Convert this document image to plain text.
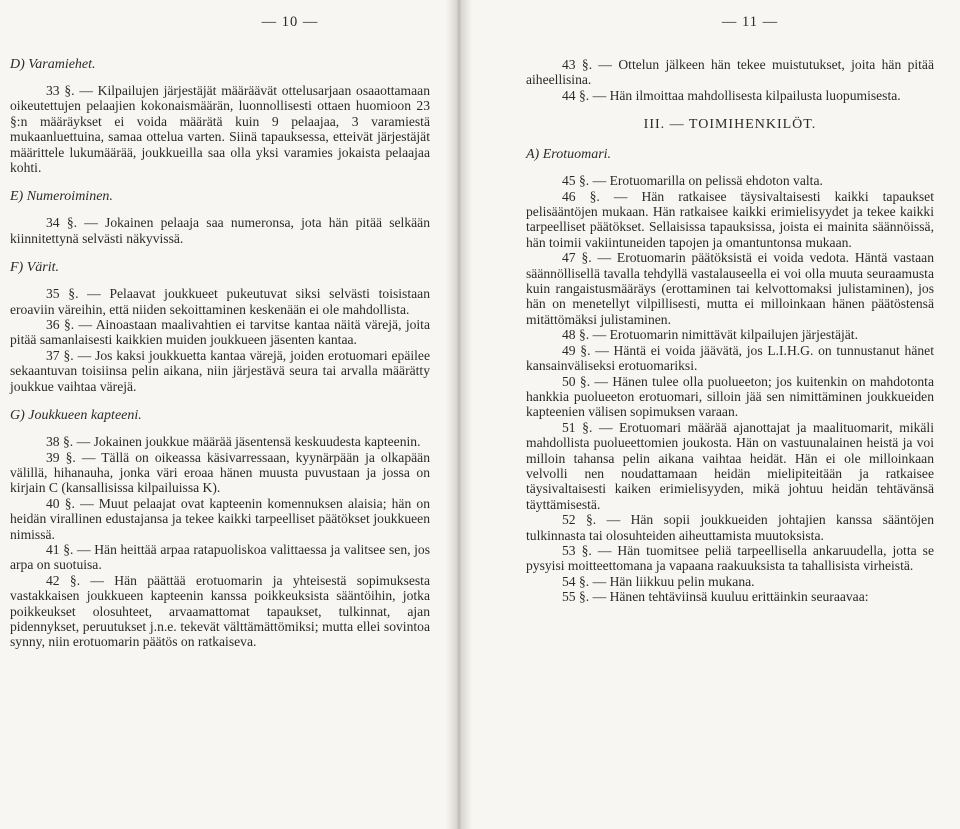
— 10 —
D) Varamiehet.

33 §. — Kilpailujen järjestäjät määräävät ottelusarjaan osaaottamaan oikeutettujen pelaajien kokonaismäärän, luonnollisesti ottaen huomioon 23 §:n määräykset ei voida määrätä kuin 9 pelaajaa, 3 varamiestä mukaanluettuina, samaa ottelua varten. Siinä tapauksessa, etteivät järjestäjät määrittele lukumäärää, joukkueilla saa olla yksi varamies jokaista pelaajaa kohti.

E) Numeroiminen.

34 §. — Jokainen pelaaja saa numeronsa, jota hän pitää selkään kiinnitettynä selvästi näkyvissä.

F) Värit.

35 §. — Pelaavat joukkueet pukeutuvat siksi selvästi toisistaan eroaviin väreihin, että niiden sekoittaminen keskenään ei ole mahdollista.

36 §. — Ainoastaan maalivahtien ei tarvitse kantaa näitä värejä, joita pitää samanlaisesti kaikkien muiden joukkueen jäsenten kantaa.

37 §. — Jos kaksi joukkuetta kantaa värejä, joiden erotuomari epäilee sekaantuvan toisiinsa pelin aikana, niin järjestävä seura tai arvalla määrätty joukkue vaihtaa värejä.

G) Joukkueen kapteeni.

38 §. — Jokainen joukkue määrää jäsentensä keskuudesta kapteenin.

39 §. — Tällä on oikeassa käsivarressaan, kyynärpään ja olkapään välillä, hihanauha, jonka väri eroaa hänen muusta puvustaan ja jossa on kirjain C (kansallisissa kilpailuissa K).

40 §. — Muut pelaajat ovat kapteenin komennuksen alaisia; hän on heidän virallinen edustajansa ja tekee kaikki tarpeelliset päätökset joukkueen nimissä.

41 §. — Hän heittää arpaa ratapuoliskoa valittaessa ja valitsee sen, jos arpa on suotuisa.

42 §. — Hän päättää erotuomarin ja yhteisestä sopimuksesta vastakkaisen joukkueen kapteenin kanssa poikkeuksista sääntöihin, jotka poikkeukset olosuhteet, arvaamattomat tapaukset, tulkinnat, ajan pidennykset, peruutukset j.n.e. tekevät välttämättömiksi; mutta ellei sovintoa synny, niin erotuomarin päätös on ratkaiseva.

— 11 —

43 §. — Ottelun jälkeen hän tekee muistutukset, joita hän pitää aiheellisina.

44 §. — Hän ilmoittaa mahdollisesta kilpailusta luopumisesta.

III. — TOIMIHENKILÖT.
A) Erotuomari.

45 §. — Erotuomarilla on pelissä ehdoton valta.

46 §. — Hän ratkaisee täysivaltaisesti kaikki tapaukset pelisääntöjen mukaan. Hän ratkaisee kaikki erimielisyydet ja tekee kaikki tarpeelliset päätökset. Sellaisissa tapauksissa, joista ei mainita säännöissä, hän toimii vakiintuneiden tapojen ja omantuntonsa mukaan.

47 §. — Erotuomarin päätöksistä ei voida vedota. Häntä vastaan säännöllisellä tavalla tehdyllä vastalauseella ei voi olla muuta seuraamusta kuin rangaistusmääräys (erottaminen tai kelvottomaksi julistaminen), jos hän on menetellyt vilpillisesti, mutta ei milloinkaan hänen päätöstensä mitättömäksi julistaminen.

48 §. — Erotuomarin nimittävät kilpailujen järjestäjät.

49 §. — Häntä ei voida jäävätä, jos L.I.H.G. on tunnustanut hänet kansainväliseksi erotuomariksi.

50 §. — Hänen tulee olla puolueeton; jos kuitenkin on mahdotonta hankkia puolueeton erotuomari, silloin jää sen nimittäminen joukkueiden kapteenien välisen sopimuksen varaan.

51 §. — Erotuomari määrää ajanottajat ja maalituomarit, mikäli mahdollista puolueettomien joukosta. Hän on vastuunalainen heistä ja voi milloin tahansa pelin aikana vaihtaa heidät. Hän ei ole milloinkaan velvolli nen noudattamaan heidän mielipiteitään ja ratkaisee täysivaltaisesti kaiken erimielisyyden, mikä johtuu heidän tehtävänsä täyttämisestä.

52 §. — Hän sopii joukkueiden johtajien kanssa sääntöjen tulkinnasta tai olosuhteiden aiheuttamista muutoksista.

53 §. — Hän tuomitsee peliä tarpeellisella ankaruudella, jotta se pysyisi moitteettomana ja vapaana raakuuksista ta tahallisista virheistä.

54 §. — Hän liikkuu pelin mukana.

55 §. — Hänen tehtäviinsä kuuluu erittäinkin seuraavaa:
